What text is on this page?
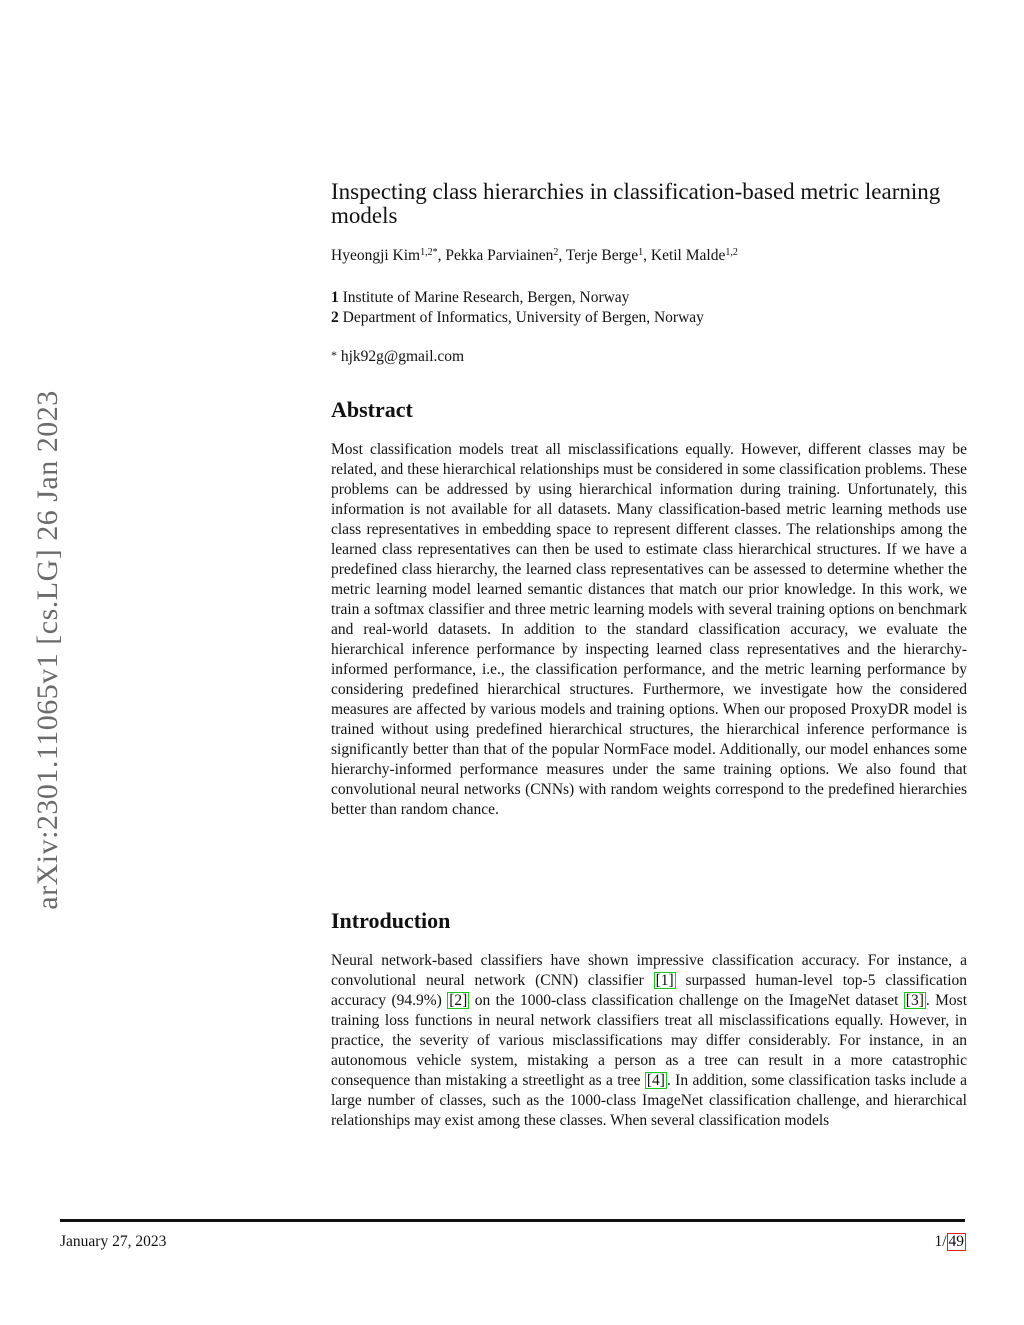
arXiv:2301.11065v1 [cs.LG] 26 Jan 2023
Inspecting class hierarchies in classification-based metric learning models
Hyeongji Kim$^{1,2*}$, Pekka Parviainen$^2$, Terje Berge$^1$, Ketil Malde$^{1,2}$
1 Institute of Marine Research, Bergen, Norway
2 Department of Informatics, University of Bergen, Norway
* hjk92g@gmail.com
Abstract

Most classification models treat all misclassifications equally. However, different classes may be related, and these hierarchical relationships must be considered in some classification problems. These problems can be addressed by using hierarchical information during training. Unfortunately, this information is not available for all datasets. Many classification-based metric learning methods use class representatives in embedding space to represent different classes. The relationships among the learned class representatives can then be used to estimate class hierarchical structures. If we have a predefined class hierarchy, the learned class representatives can be assessed to determine whether the metric learning model learned semantic distances that match our prior knowledge. In this work, we train a softmax classifier and three metric learning models with several training options on benchmark and real-world datasets. In addition to the standard classification accuracy, we evaluate the hierarchical inference performance by inspecting learned class representatives and the hierarchy-informed performance, i.e., the classification performance, and the metric learning performance by considering predefined hierarchical structures. Furthermore, we investigate how the considered measures are affected by various models and training options. When our proposed ProxyDR model is trained without using predefined hierarchical structures, the hierarchical inference performance is significantly better than that of the popular NormFace model. Additionally, our model enhances some hierarchy-informed performance measures under the same training options. We also found that convolutional neural networks (CNNs) with random weights correspond to the predefined hierarchies better than random chance.

Introduction

Neural network-based classifiers have shown impressive classification accuracy. For instance, a convolutional neural network (CNN) classifier [1] surpassed human-level top-5 classification accuracy (94.9%) [2] on the 1000-class classification challenge on the ImageNet dataset [3] . Most training loss functions in neural network classifiers treat all misclassifications equally. However, in practice, the severity of various misclassifications may differ considerably. For instance, in an autonomous vehicle system, mistaking a person as a tree can result in a more catastrophic consequence than mistaking a streetlight as a tree [4] . In addition, some classification tasks include a large number of classes, such as the 1000-class ImageNet classification challenge, and hierarchical relationships may exist among these classes. When several classification models

January 27, 2023	1/ 49
